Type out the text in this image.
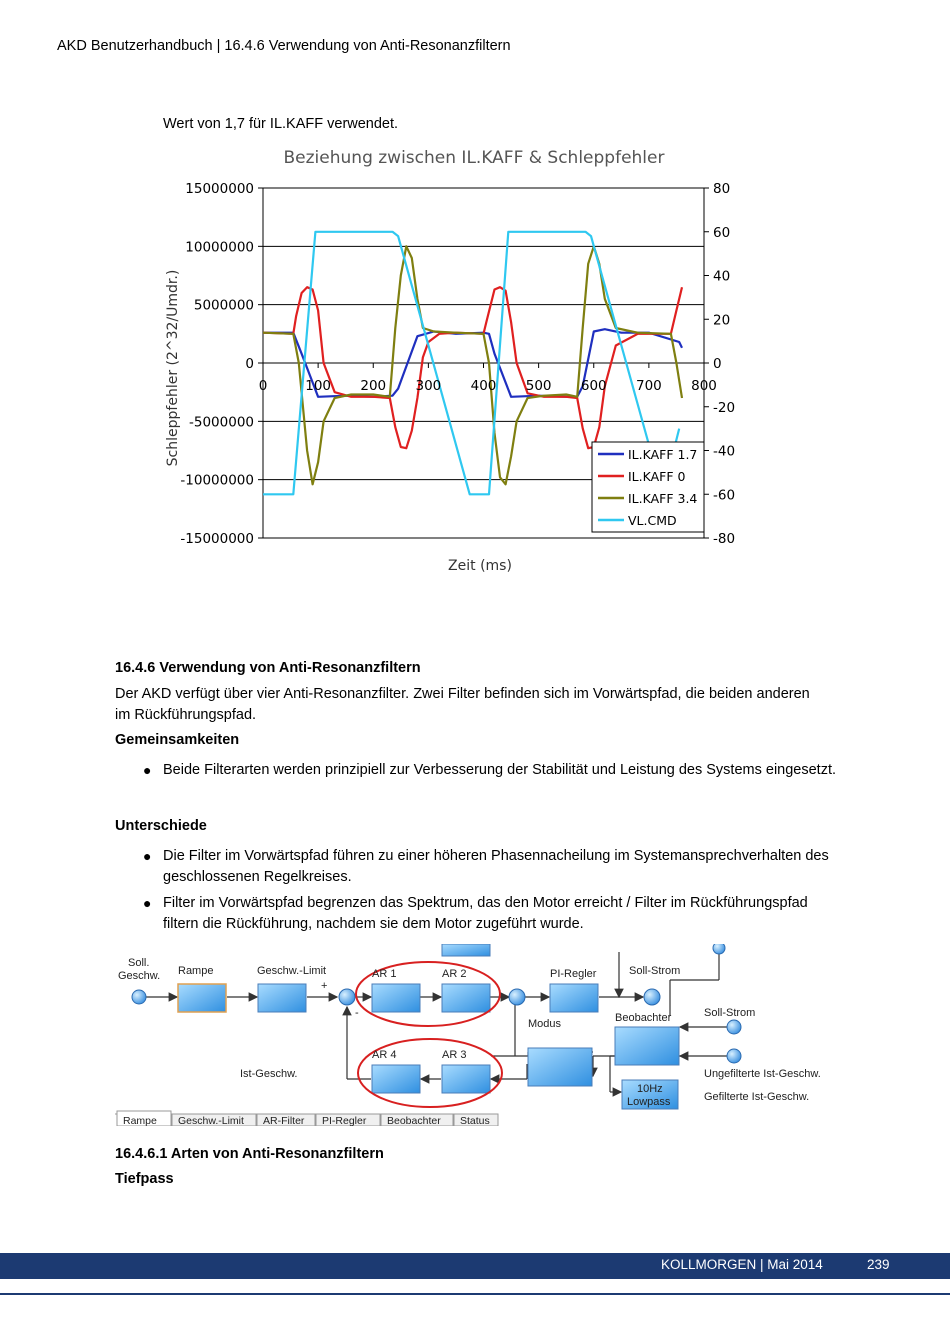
AKD Benutzerhandbuch | 16.4.6 Verwendung von Anti-Resonanzfiltern
Wert von 1,7 für IL.KAFF verwendet.
Beziehung zwischen IL.KAFF & Schleppfehler
15000000
10000000
5000000
0
-5000000
-10000000
-15000000
80
60
40
20
0
-20
-40
-60
-80
0	100 200 300 400 500 600 700 800
Zeit (ms)
Schleppfehler (2^32/Umdr.)	IL.KAFF 1.7
IL.KAFF 0
IL.KAFF 3.4
VL.CMD
16.4.6 Verwendung von Anti-Resonanzfiltern
Der AKD verfügt über vier Anti-Resonanzfilter. Zwei Filter befinden sich im Vorwärtspfad, die beiden anderen im Rückführungspfad.
Gemeinsamkeiten
● Beide Filterarten werden prinzipiell zur Verbesserung der Stabilität und Leistung des Systems eingesetzt.
Unterschiede
● Die Filter im Vorwärtspfad führen zu einer höheren Phasennacheilung im Systemansprechverhalten des geschlossenen Regelkreises.
● Filter im Vorwärtspfad begrenzen das Spektrum, das den Motor erreicht / Filter im Rückführungspfad filtern die Rückführung, nachdem sie dem Motor zugeführt wurde.
Soll.
Geschw. Rampe	Geschw.-Limit
+
-
AR 1	AR 2	PI-Regler	Soll-Strom
Beobachter
Modus
Soll-Strom
AR 4	AR 3
Ist-Geschw.	Ungefilterte Ist-Geschw.
Gefilterte Ist-Geschw.
10Hz
Lowpass
Rampe Geschw.-Limit AR-Filter PI-Regler Beobachter Status
16.4.6.1 Arten von Anti-Resonanzfiltern
Tiefpass
KOLLMORGEN | Mai 2014	239
